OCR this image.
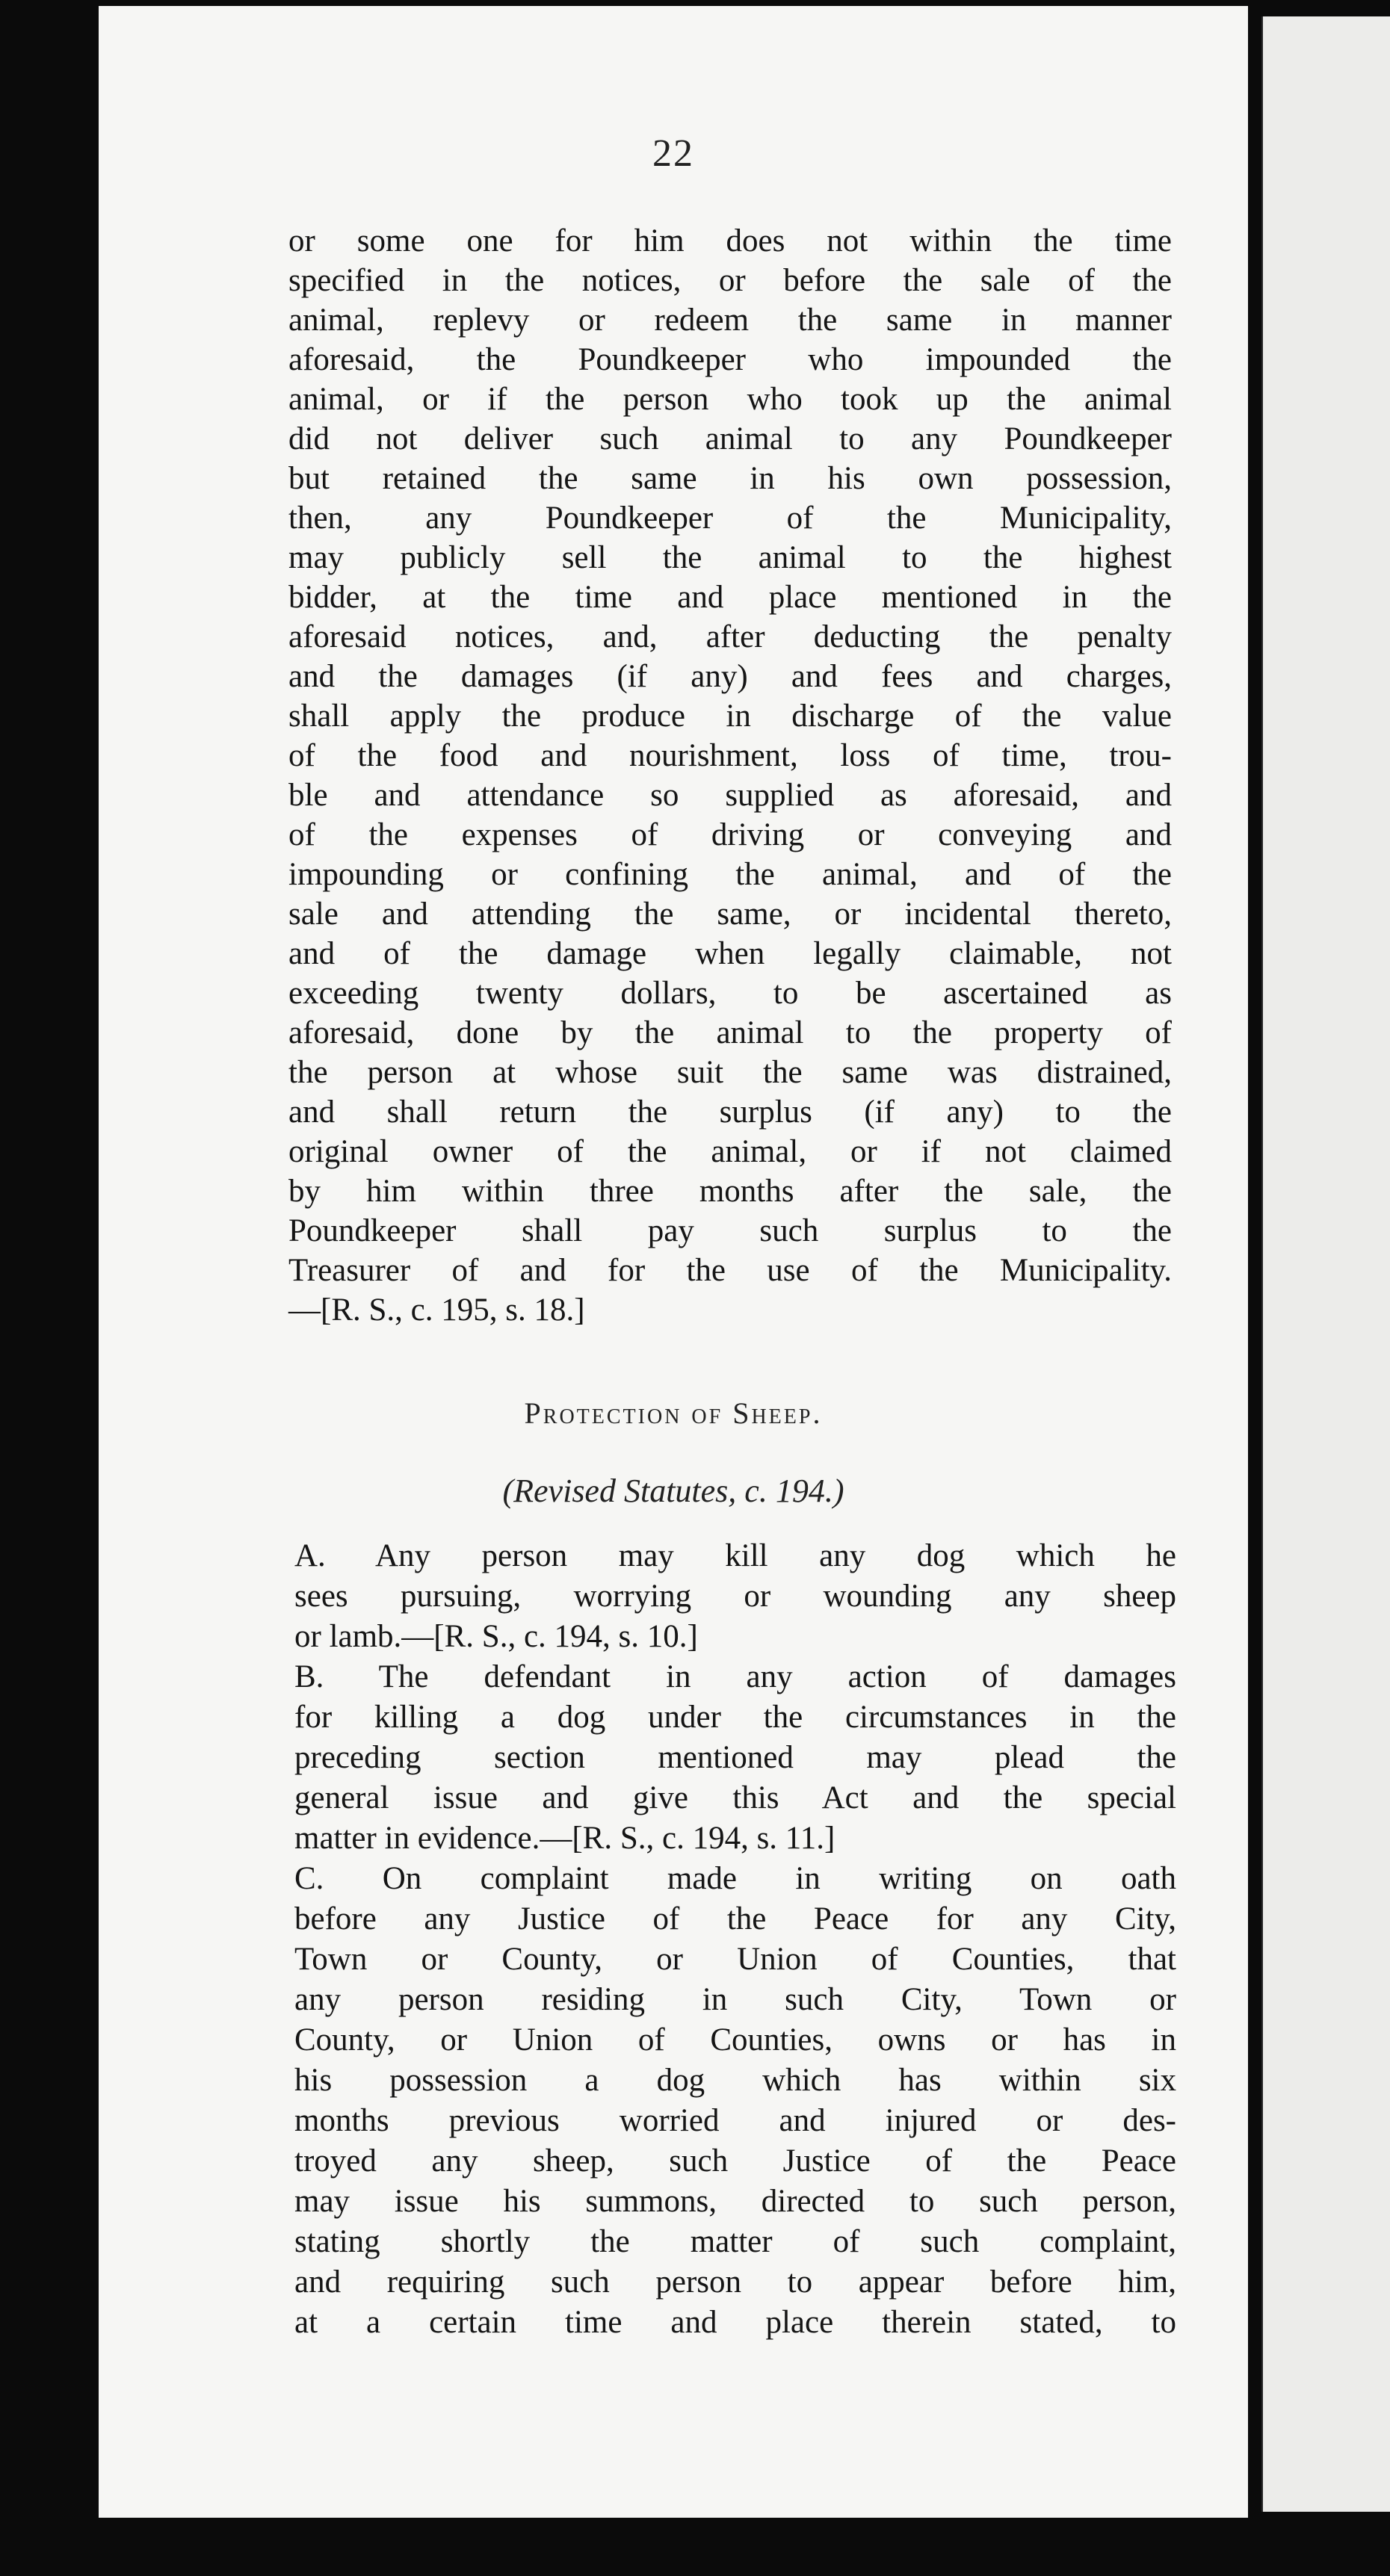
22
or some one for him does not within the time
specified in the notices, or before the sale of the
animal, replevy or redeem the same in manner
aforesaid, the Poundkeeper who impounded the
animal, or if the person who took up the animal
did not deliver such animal to any Poundkeeper
but retained the same in his own possession,
then, any Poundkeeper of the Municipality,
may publicly sell the animal to the highest
bidder, at the time and place mentioned in the
aforesaid notices, and, after deducting the penalty
and the damages (if any) and fees and charges,
shall apply the produce in discharge of the value
of the food and nourishment, loss of time, trou-
ble and attendance so supplied as aforesaid, and
of the expenses of driving or conveying and
impounding or confining the animal, and of the
sale and attending the same, or incidental thereto,
and of the damage when legally claimable, not
exceeding twenty dollars, to be ascertained as
aforesaid, done by the animal to the property of
the person at whose suit the same was distrained,
and shall return the surplus (if any) to the
original owner of the animal, or if not claimed
by him within three months after the sale, the
Poundkeeper shall pay such surplus to the
Treasurer of and for the use of the Municipality.
—[R. S., c. 195, s. 18.]
Protection of Sheep.
(Revised Statutes, c. 194.)
A. Any person may kill any dog which he
sees pursuing, worrying or wounding any sheep
or lamb.—[R. S., c. 194, s. 10.]
B. The defendant in any action of damages
for killing a dog under the circumstances in the
preceding section mentioned may plead the
general issue and give this Act and the special
matter in evidence.—[R. S., c. 194, s. 11.]
C. On complaint made in writing on oath
before any Justice of the Peace for any City,
Town or County, or Union of Counties, that
any person residing in such City, Town or
County, or Union of Counties, owns or has in
his possession a dog which has within six
months previous worried and injured or des-
troyed any sheep, such Justice of the Peace
may issue his summons, directed to such person,
stating shortly the matter of such complaint,
and requiring such person to appear before him,
at a certain time and place therein stated, to
